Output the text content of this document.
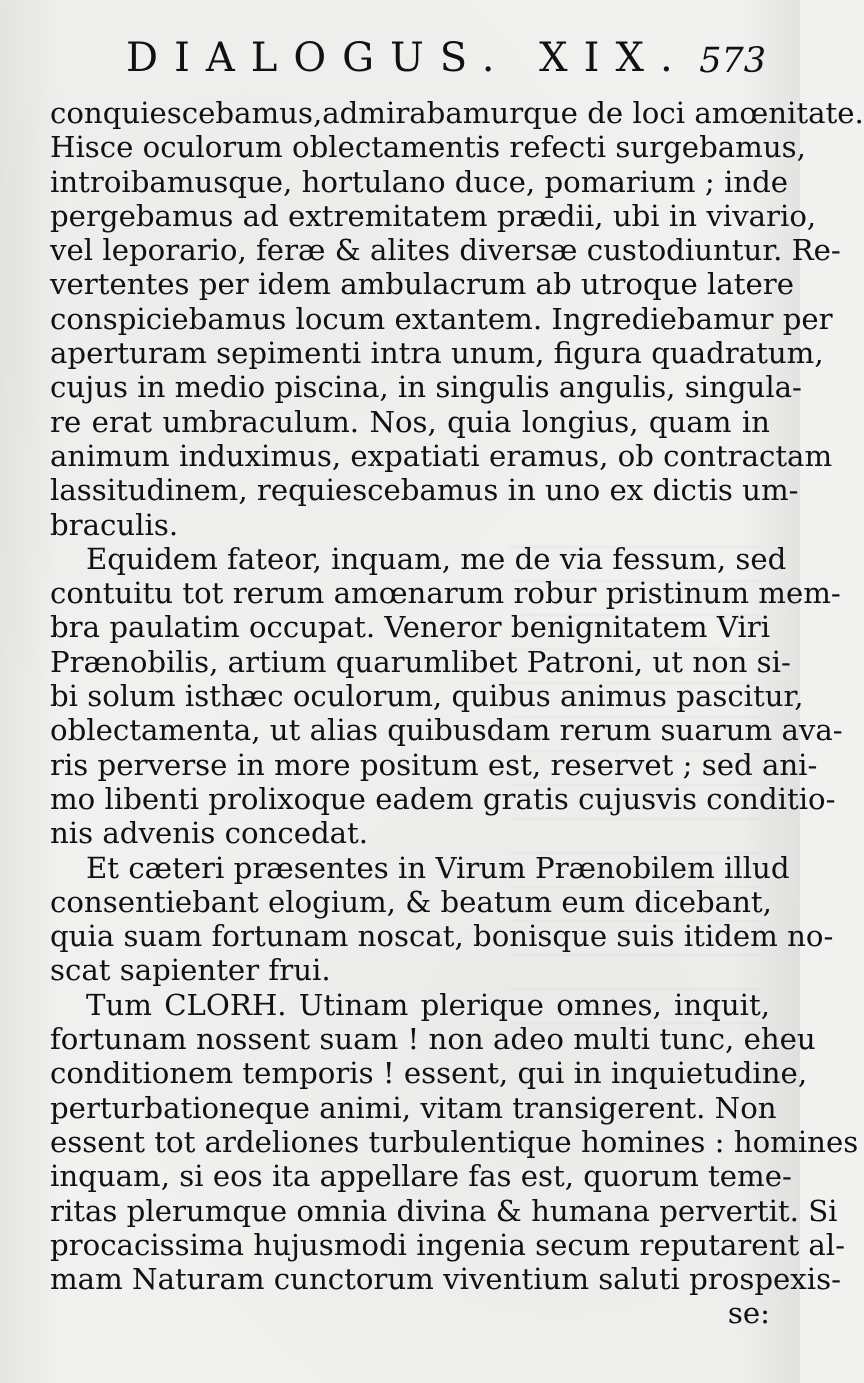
DIALOGUS. XIX. 573
conquiescebamus,admirabamurque de loci amœnitate.
Hisce oculorum oblectamentis refecti surgebamus,
introibamusque, hortulano duce, pomarium ; inde
pergebamus ad extremitatem prædii, ubi in vivario,
vel leporario, feræ & alites diversæ custodiuntur. Re-
vertentes per idem ambulacrum ab utroque latere
conspiciebamus locum extantem. Ingrediebamur per
aperturam sepimenti intra unum, figura quadratum,
cujus in medio piscina, in singulis angulis, singula-
re erat umbraculum. Nos, quia longius, quam in
animum induximus, expatiati eramus, ob contractam
lassitudinem, requiescebamus in uno ex dictis um-
braculis.
Equidem fateor, inquam, me de via fessum, sed
contuitu tot rerum amœnarum robur pristinum mem-
bra paulatim occupat. Veneror benignitatem Viri
Prænobilis, artium quarumlibet Patroni, ut non si-
bi solum isthæc oculorum, quibus animus pascitur,
oblectamenta, ut alias quibusdam rerum suarum ava-
ris perverse in more positum est, reservet ; sed ani-
mo libenti prolixoque eadem gratis cujusvis conditio-
nis advenis concedat.
Et cæteri præsentes in Virum Prænobilem illud
consentiebant elogium, & beatum eum dicebant,
quia suam fortunam noscat, bonisque suis itidem no-
scat sapienter frui.
Tum CLORH. Utinam plerique omnes, inquit,
fortunam nossent suam ! non adeo multi tunc, eheu
conditionem temporis ! essent, qui in inquietudine,
perturbationeque animi, vitam transigerent. Non
essent tot ardeliones turbulentique homines : homines
inquam, si eos ita appellare fas est, quorum teme-
ritas plerumque omnia divina & humana pervertit. Si
procacissima hujusmodi ingenia secum reputarent al-
mam Naturam cunctorum viventium saluti prospexis-
se:
